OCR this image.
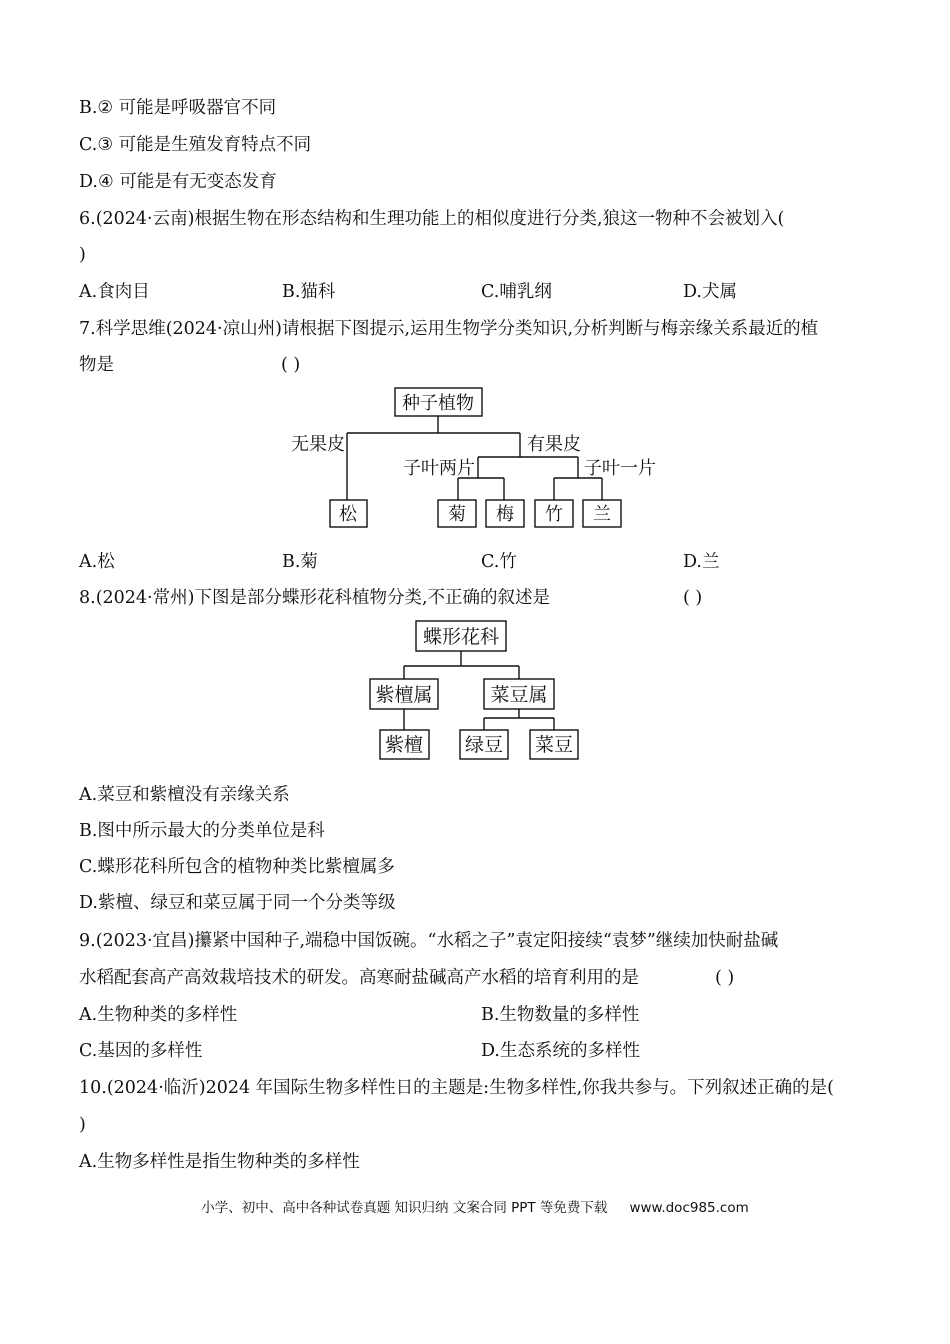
B.② 可能是呼吸器官不同
C.③ 可能是生殖发育特点不同
D.④ 可能是有无变态发育
6.(2024·云南)根据生物在形态结构和生理功能上的相似度进行分类,狼这一物种不会被划入(
)
A.食肉目	B.猫科	C.哺乳纲	D.犬属
7.科学思维(2024·凉山州)请根据下图提示,运用生物学分类知识,分析判断与梅亲缘关系最近的植
物是	( )
种子植物
无果皮	有果皮
子叶两片	子叶一片
松	菊 梅 竹 兰
A.松	B.菊	C.竹	D.兰
8.(2024·常州)下图是部分蝶形花科植物分类,不正确的叙述是	( )
蝶形花科
紫檀属	菜豆属
紫檀 绿豆 菜豆
A.菜豆和紫檀没有亲缘关系
B.图中所示最大的分类单位是科
C.蝶形花科所包含的植物种类比紫檀属多
D.紫檀、绿豆和菜豆属于同一个分类等级
9.(2023·宜昌)攥紧中国种子,端稳中国饭碗。“水稻之子”袁定阳接续“袁梦”继续加快耐盐碱
水稻配套高产高效栽培技术的研发。高寒耐盐碱高产水稻的培育利用的是	( )
A.生物种类的多样性	B.生物数量的多样性
C.基因的多样性	D.生态系统的多样性
10.(2024·临沂)2024 年国际生物多样性日的主题是:生物多样性,你我共参与。下列叙述正确的是(
)
A.生物多样性是指生物种类的多样性
小学、初中、高中各种试卷真题 知识归纳 文案合同 PPT 等免费下载 www.doc985.com
